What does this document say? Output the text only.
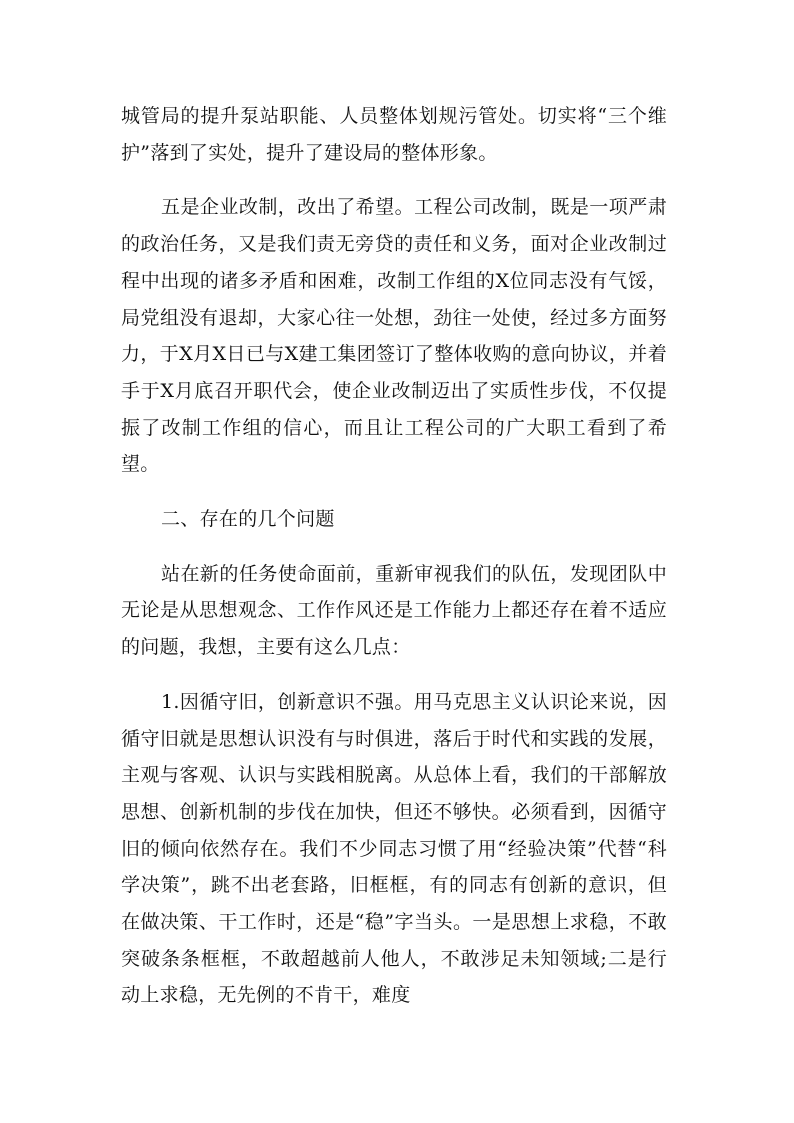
城管局的提升泵站职能、人员整体划规污管处。切实将“三个维护”落到了实处，提升了建设局的整体形象。

五是企业改制，改出了希望。工程公司改制，既是一项严肃的政治任务，又是我们责无旁贷的责任和义务，面对企业改制过程中出现的诸多矛盾和困难，改制工作组的X位同志没有气馁，局党组没有退却，大家心往一处想，劲往一处使，经过多方面努力，于X月X日已与X建工集团签订了整体收购的意向协议，并着手于X月底召开职代会，使企业改制迈出了实质性步伐，不仅提振了改制工作组的信心，而且让工程公司的广大职工看到了希望。

二、存在的几个问题

站在新的任务使命面前，重新审视我们的队伍，发现团队中无论是从思想观念、工作作风还是工作能力上都还存在着不适应的问题，我想，主要有这么几点：

1.因循守旧，创新意识不强。用马克思主义认识论来说，因循守旧就是思想认识没有与时俱进，落后于时代和实践的发展，主观与客观、认识与实践相脱离。从总体上看，我们的干部解放思想、创新机制的步伐在加快，但还不够快。必须看到，因循守旧的倾向依然存在。我们不少同志习惯了用“经验决策”代替“科学决策”，跳不出老套路，旧框框，有的同志有创新的意识，但在做决策、干工作时，还是“稳”字当头。一是思想上求稳，不敢突破条条框框，不敢超越前人他人，不敢涉足未知领域;二是行动上求稳，无先例的不肯干，难度
